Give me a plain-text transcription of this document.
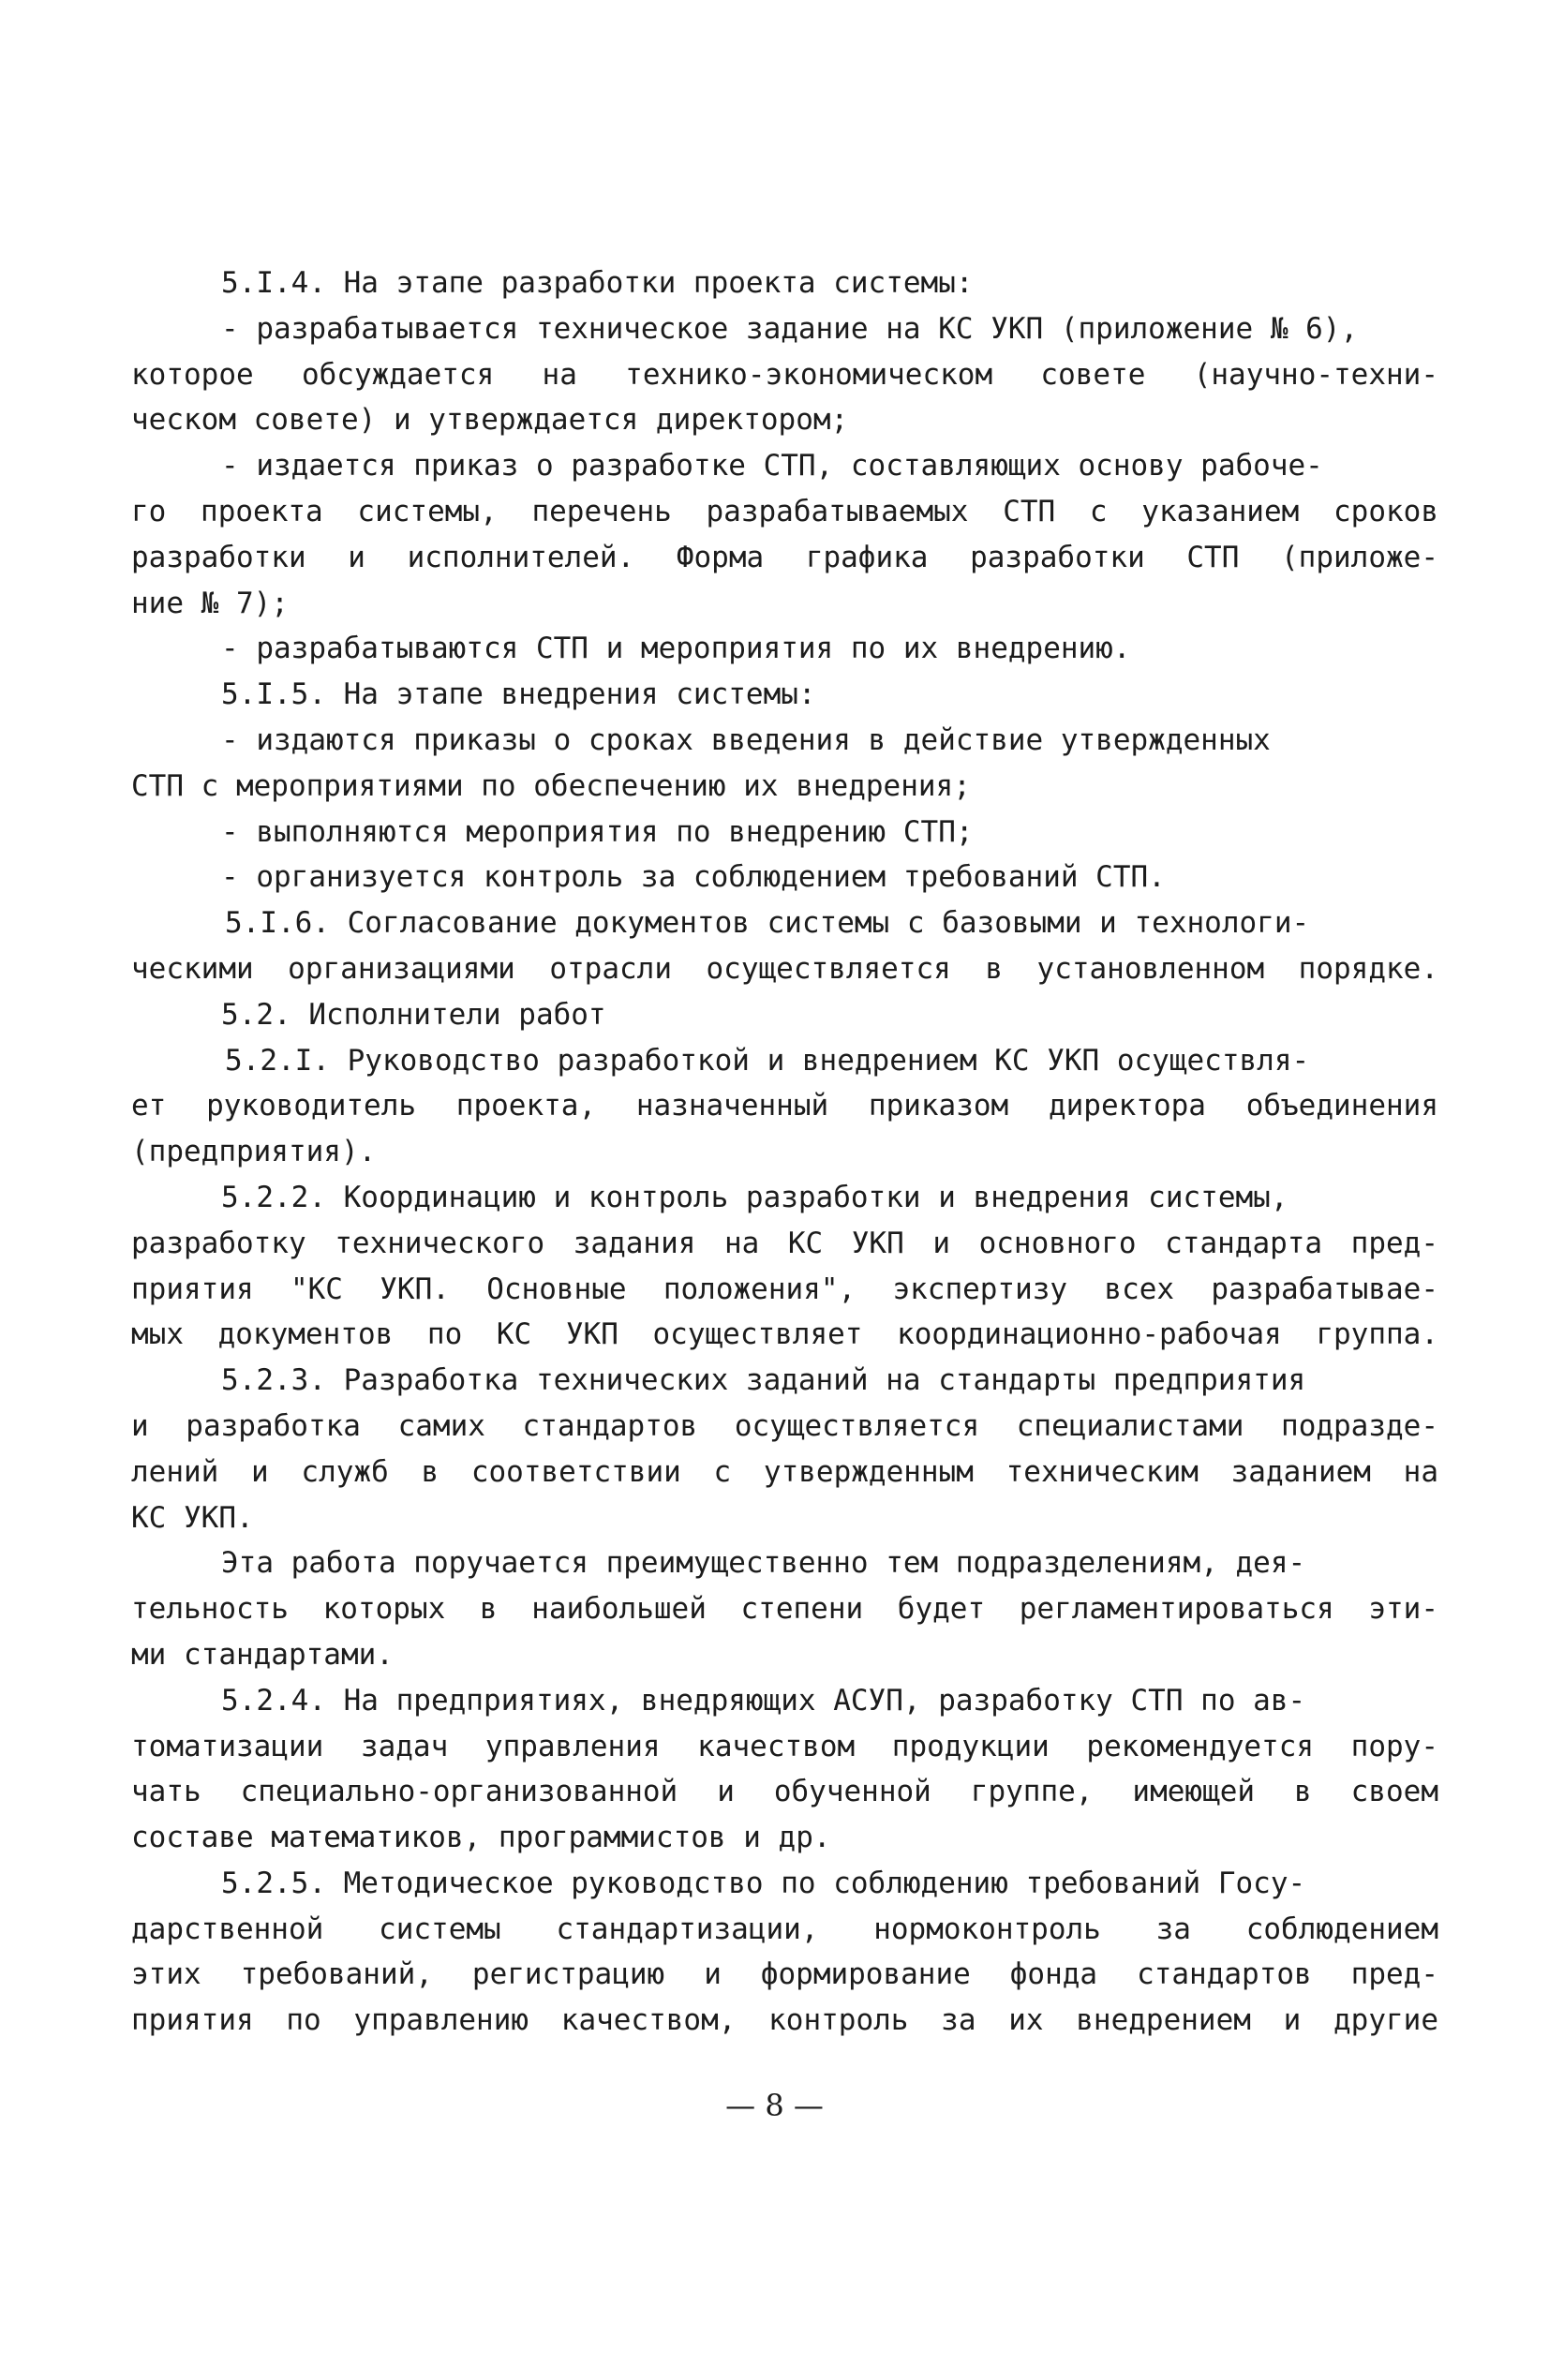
5.I.4. На этапе разработки проекта системы:
- разрабатывается техническое задание на КС УКП (приложение № 6),
которое обсуждается на технико-экономическом совете (научно-техни-
ческом совете) и утверждается директором;
- издается приказ о разработке СТП, составляющих основу рабоче-
го проекта системы, перечень разрабатываемых СТП с указанием сроков
разработки и исполнителей. Форма графика разработки СТП (приложе-
ние № 7);
- разрабатываются СТП и мероприятия по их внедрению.
5.I.5. На этапе внедрения системы:
- издаются приказы о сроках введения в действие утвержденных
СТП с мероприятиями по обеспечению их внедрения;
- выполняются мероприятия по внедрению СТП;
- организуется контроль за соблюдением требований СТП.
5.I.6. Согласование документов системы с базовыми и технологи-
ческими организациями отрасли осуществляется в установленном порядке.
5.2. Исполнители работ
5.2.I. Руководство разработкой и внедрением КС УКП осуществля-
ет руководитель проекта, назначенный приказом директора объединения
(предприятия).
5.2.2. Координацию и контроль разработки и внедрения системы,
разработку технического задания на КС УКП и основного стандарта пред-
приятия "КС УКП. Основные положения", экспертизу всех разрабатывае-
мых документов по КС УКП осуществляет координационно-рабочая группа.
5.2.3. Разработка технических заданий на стандарты предприятия
и разработка самих стандартов осуществляется специалистами подразде-
лений и служб в соответствии с утвержденным техническим заданием на
КС УКП.
Эта работа поручается преимущественно тем подразделениям, дея-
тельность которых в наибольшей степени будет регламентироваться эти-
ми стандартами.
5.2.4. На предприятиях, внедряющих АСУП, разработку СТП по ав-
томатизации задач управления качеством продукции рекомендуется пору-
чать специально-организованной и обученной группе, имеющей в своем
составе математиков, программистов и др.
5.2.5. Методическое руководство по соблюдению требований Госу-
дарственной системы стандартизации, нормоконтроль за соблюдением
этих требований, регистрацию и формирование фонда стандартов пред-
приятия по управлению качеством, контроль за их внедрением и другие
— 8 —
